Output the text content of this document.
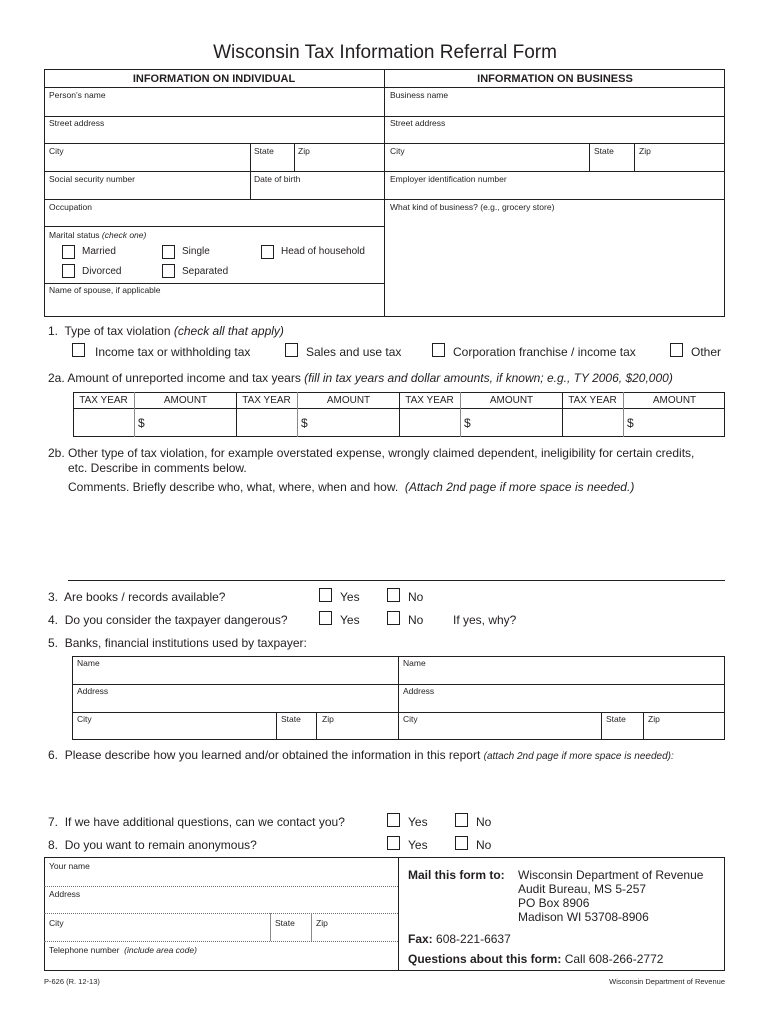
Wisconsin Tax Information Referral Form
INFORMATION ON INDIVIDUAL	INFORMATION ON BUSINESS
Person’s name
Street address
City	State	Zip
Social security number	Date of birth
Occupation
Marital status (check one)
Married	Single	Head of household
Divorced	Separated
Name of spouse, if applicable
Business name
Street address
City	State	Zip
Employer identification number
What kind of business? (e.g., grocery store)
1. Type of tax violation (check all that apply)
Income tax or withholding tax	Sales and use tax	Corporation franchise / income tax	Other
2a. Amount of unreported income and tax years (fill in tax years and dollar amounts, if known; e.g., TY 2006, $20,000)
TAX YEAR	AMOUNT	TAX YEAR	AMOUNT	TAX YEAR	AMOUNT	TAX YEAR	AMOUNT
$	$	$	$
2b. Other type of tax violation, for example overstated expense, wrongly claimed dependent, ineligibility for certain credits,
etc. Describe in comments below.
Comments. Briefly describe who, what, where, when and how. (Attach 2nd page if more space is needed.)
3. Are books / records available?	Yes	No
4. Do you consider the taxpayer dangerous?	Yes	No If yes, why?
5. Banks, financial institutions used by taxpayer:
Name
Address
City	State Zip
Name
Address
City	State	Zip
6. Please describe how you learned and/or obtained the information in this report (attach 2nd page if more space is needed):
7. If we have additional questions, can we contact you?	Yes	No
8. Do you want to remain anonymous?	Yes	No
Your name
Address
City	State Zip
Telephone number (include area code)
Mail this form to: Wisconsin Department of Revenue
Audit Bureau, MS 5-257
PO Box 8906
Madison WI 53708-8906
Fax: 608-221-6637
Questions about this form: Call 608-266-2772
P-626 (R. 12-13)	Wisconsin Department of Revenue
